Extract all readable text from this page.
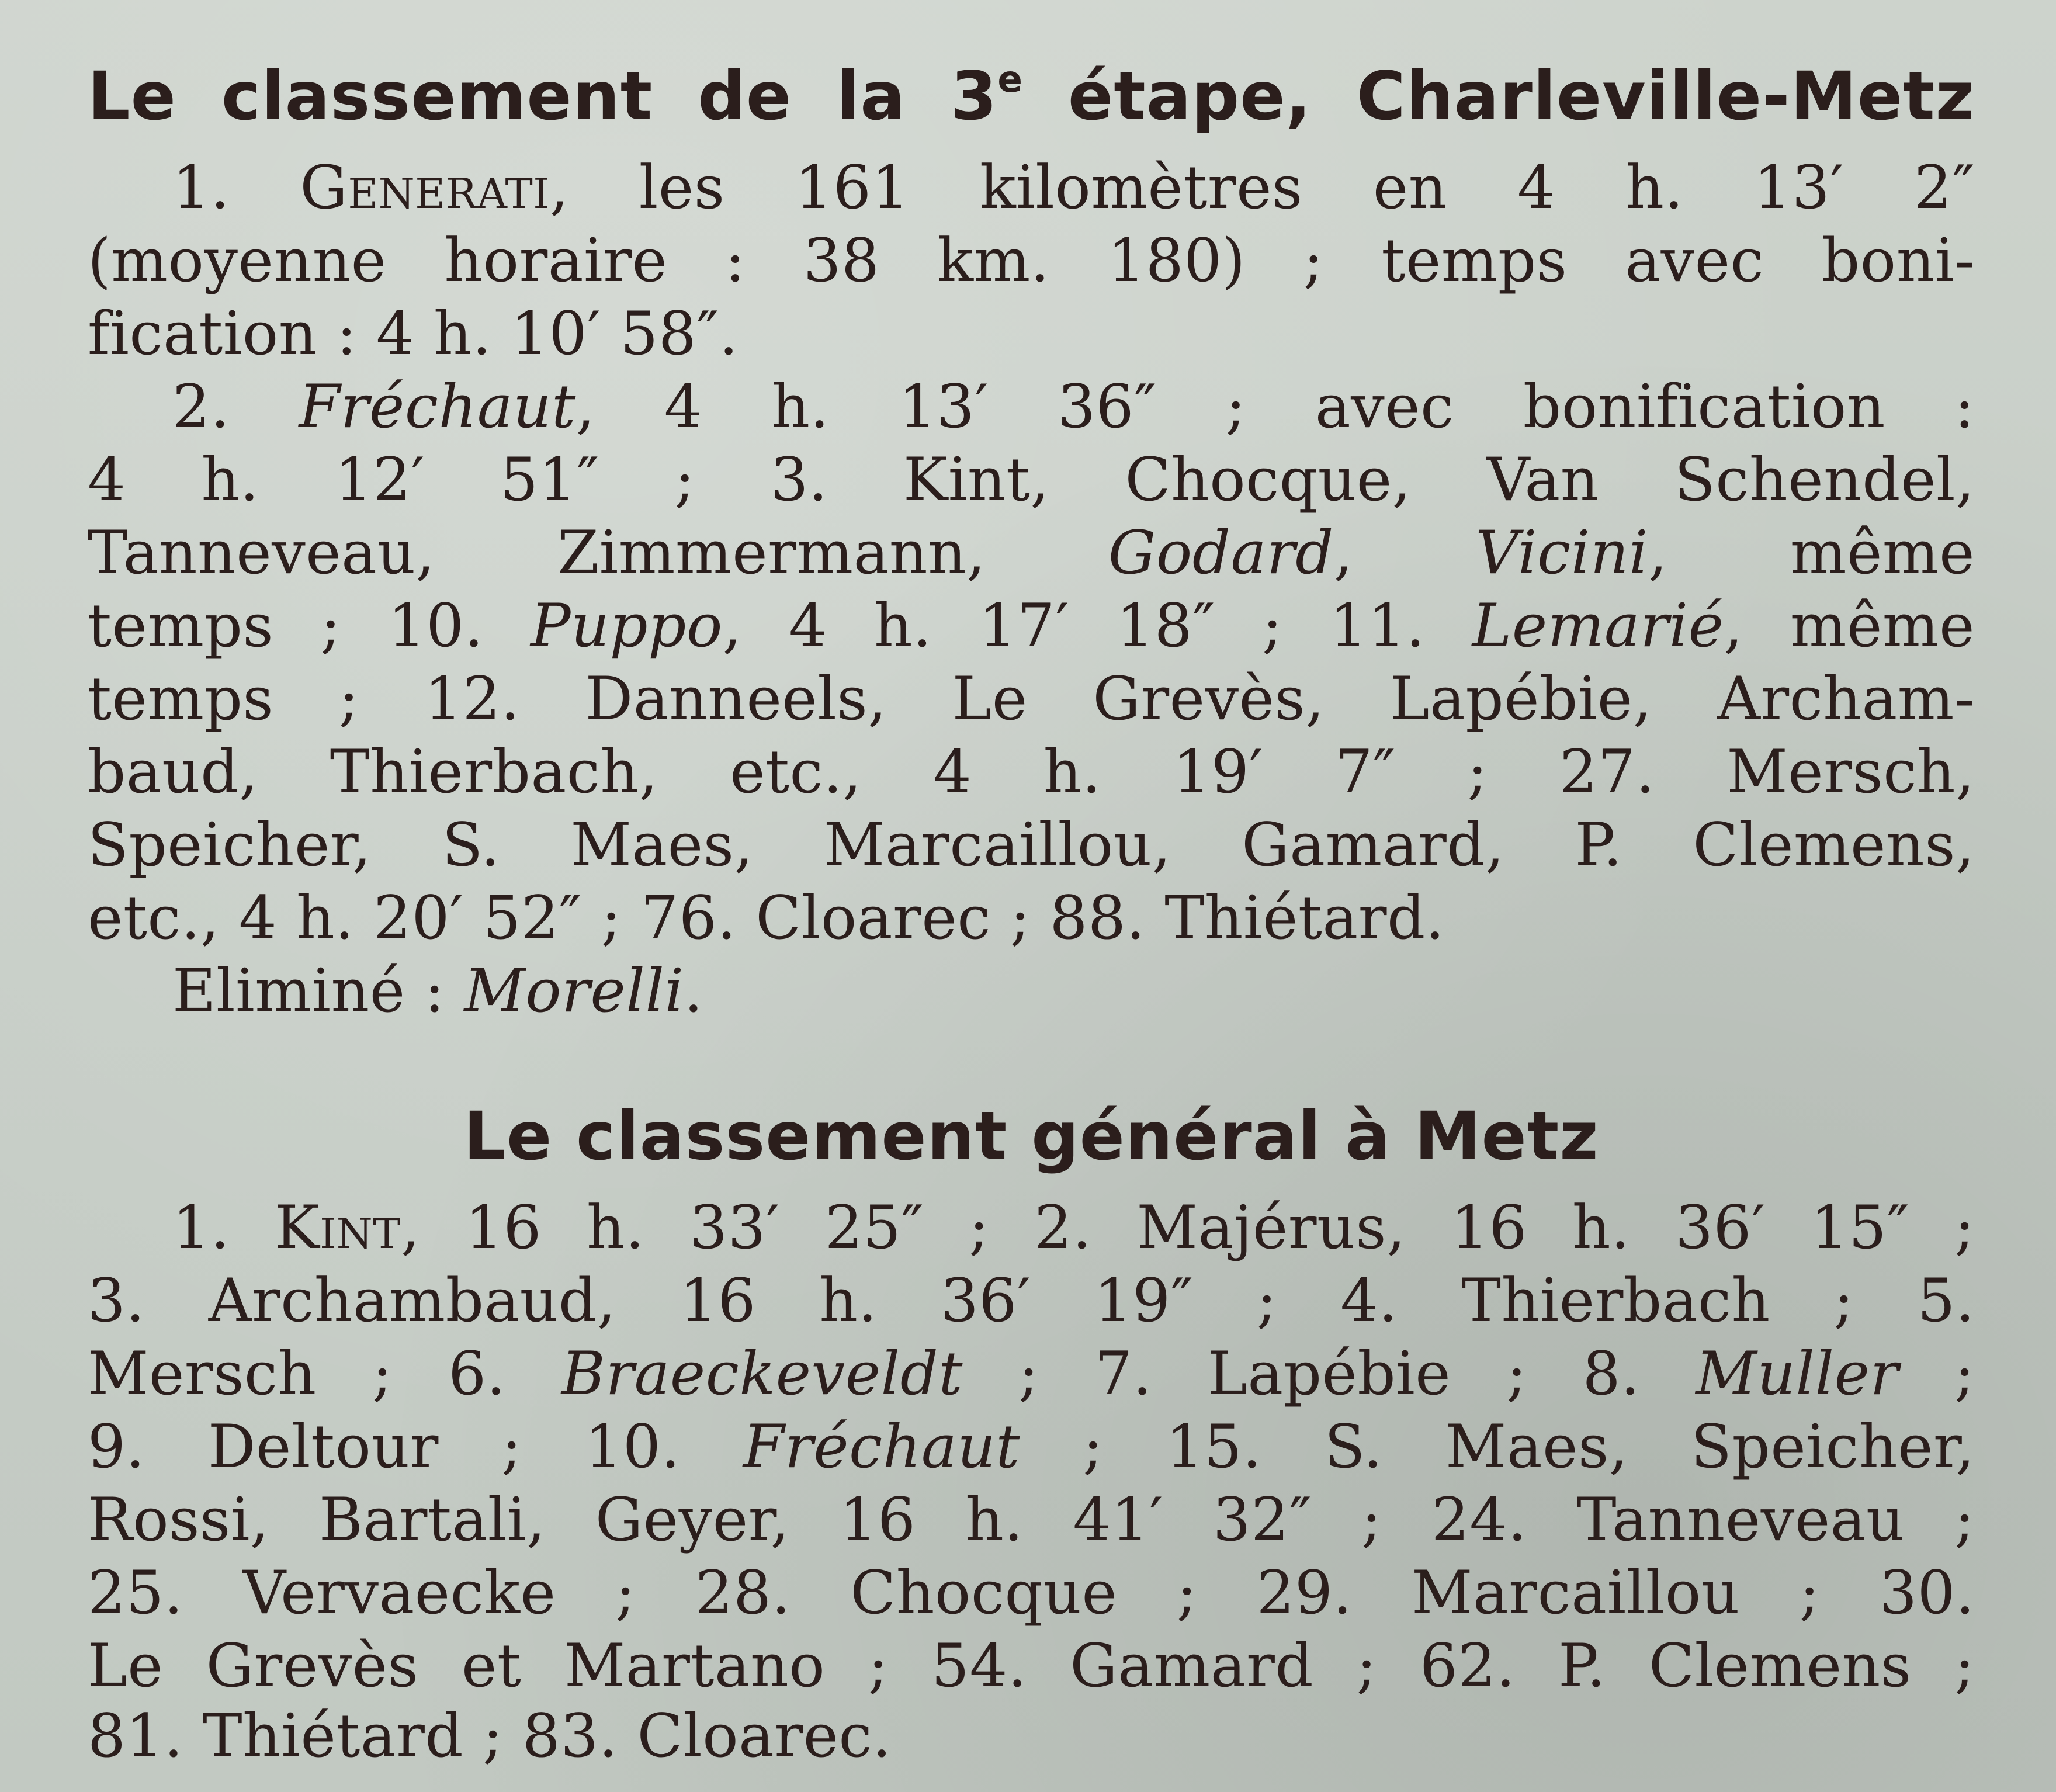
Le classement de la 3e étape, Charleville-Metz
1. Generati, les 161 kilomètres en 4 h. 13′ 2″
(moyenne horaire : 38 km. 180) ; temps avec boni-
fication : 4 h. 10′ 58″.
2. Fréchaut, 4 h. 13′ 36″ ; avec bonification :
4 h. 12′ 51″ ; 3. Kint, Chocque, Van Schendel,
Tanneveau, Zimmermann, Godard, Vicini, même
temps ; 10. Puppo, 4 h. 17′ 18″ ; 11. Lemarié, même
temps ; 12. Danneels, Le Grevès, Lapébie, Archam-
baud, Thierbach, etc., 4 h. 19′ 7″ ; 27. Mersch,
Speicher, S. Maes, Marcaillou, Gamard, P. Clemens,
etc., 4 h. 20′ 52″ ; 76. Cloarec ; 88. Thiétard.
Eliminé : Morelli.
Le classement général à Metz
1. Kint, 16 h. 33′ 25″ ; 2. Majérus, 16 h. 36′ 15″ ;
3. Archambaud, 16 h. 36′ 19″ ; 4. Thierbach ; 5.
Mersch ; 6. Braeckeveldt ; 7. Lapébie ; 8. Muller ;
9. Deltour ; 10. Fréchaut ; 15. S. Maes, Speicher,
Rossi, Bartali, Geyer, 16 h. 41′ 32″ ; 24. Tanneveau ;
25. Vervaecke ; 28. Chocque ; 29. Marcaillou ; 30.
Le Grevès et Martano ; 54. Gamard ; 62. P. Clemens ;
81. Thiétard ; 83. Cloarec.
